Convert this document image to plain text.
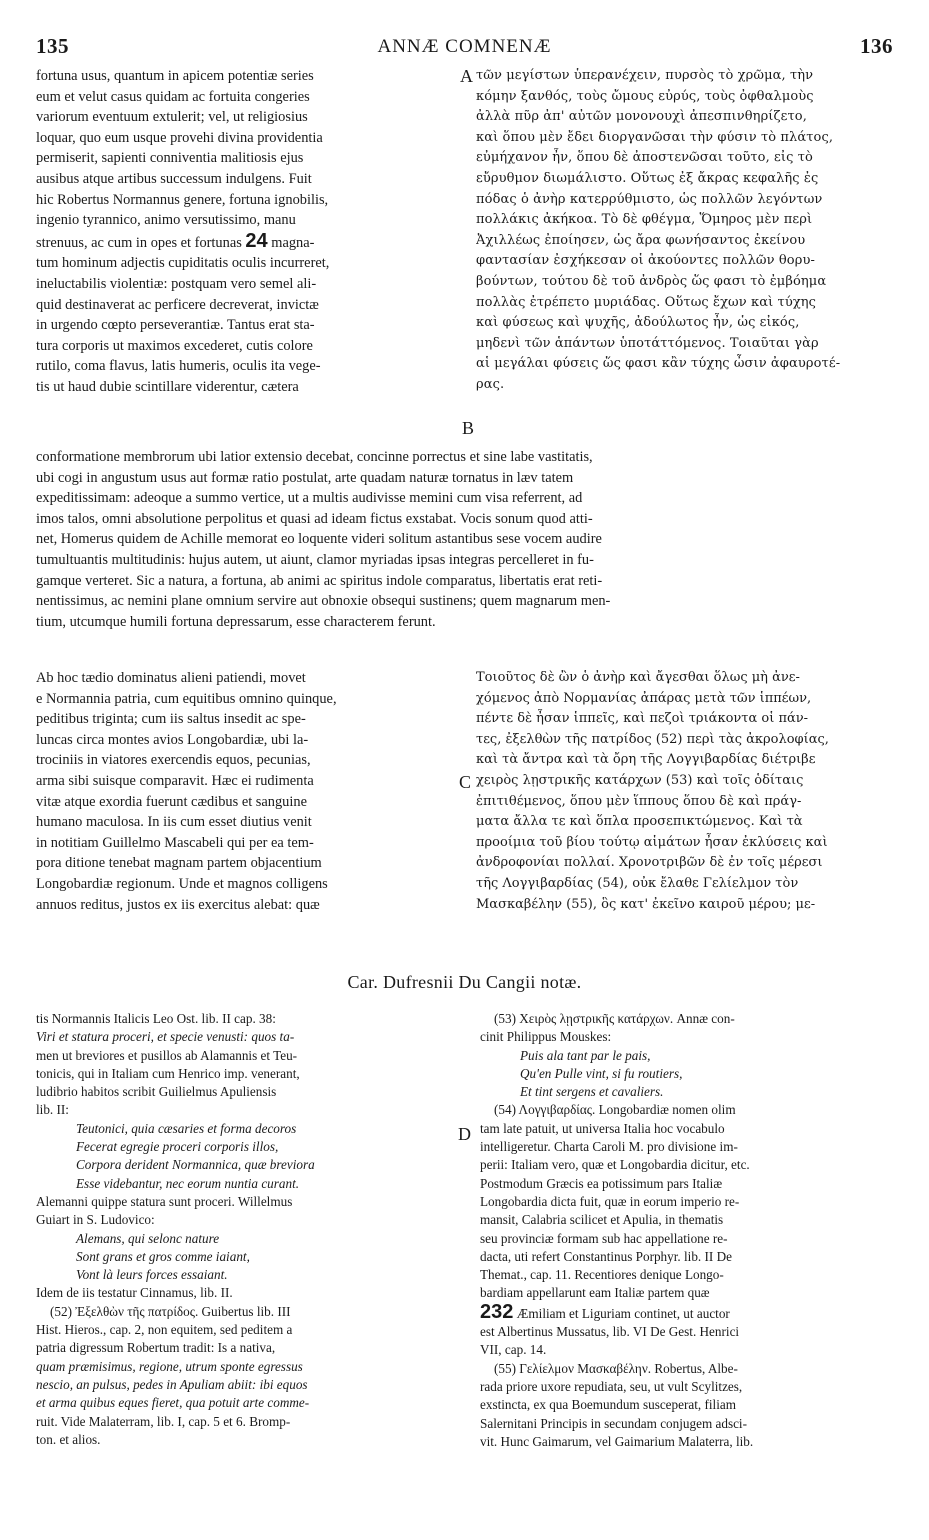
135	ANNÆ COMNENÆ	136
fortuna usus, quantum in apicem potentiæ series
eum et velut casus quidam ac fortuita congeries
variorum eventuum extulerit; vel, ut religiosius
loquar, quo eum usque provehi divina providentia
permiserit, sapienti conniventia malitiosis ejus
ausibus atque artibus successum indulgens. Fuit
hic Robertus Normannus genere, fortuna ignobilis,
ingenio tyrannico, animo versutissimo, manu
strenuus, ac cum in opes et fortunas 24 magna-
tum hominum adjectis cupiditatis oculis incurreret,
ineluctabilis violentiæ: postquam vero semel ali-
quid destinaverat ac perficere decreverat, invictæ
in urgendo cœpto perseverantiæ. Tantus erat sta-
tura corporis ut maximos excederet, cutis colore
rutilo, coma flavus, latis humeris, oculis ita vege-
tis ut haud dubie scintillare viderentur, cætera
A
B
τῶν μεγίστων ὑπερανέχειν, πυρσὸς τὸ χρῶμα, τὴν
κόμην ξανθός, τοὺς ὤμους εὐρύς, τοὺς ὀφθαλμοὺς
ἀλλὰ πῦρ ἀπ' αὐτῶν μονονουχὶ ἀπεσπινθηρίζετο,
καὶ ὅπου μὲν ἔδει διοργανῶσαι τὴν φύσιν τὸ πλάτος,
εὐμήχανον ἦν, ὅπου δὲ ἀποστενῶσαι τοῦτο, εἰς τὸ
εὔρυθμον διωμάλιστο. Οὕτως ἐξ ἄκρας κεφαλῆς ἐς
πόδας ὁ ἀνὴρ κατερρύθμιστο, ὡς πολλῶν λεγόντων
πολλάκις ἀκήκοα. Τὸ δὲ φθέγμα, Ὅμηρος μὲν περὶ
Ἀχιλλέως ἐποίησεν, ὡς ἄρα φωνήσαντος ἐκείνου
φαντασίαν ἐσχήκεσαν οἱ ἀκούοντες πολλῶν θορυ-
βούντων, τούτου δὲ τοῦ ἀνδρὸς ὥς φασι τὸ ἐμβόημα
πολλὰς ἐτρέπετο μυριάδας. Οὕτως ἔχων καὶ τύχης
καὶ φύσεως καὶ ψυχῆς, ἀδούλωτος ἦν, ὡς εἰκός,
μηδενὶ τῶν ἁπάντων ὑποτάττόμενος. Τοιαῦται γὰρ
αἱ μεγάλαι φύσεις ὥς φασι κἂν τύχης ὦσιν ἀφαυροτέ-
ρας.
conformatione membrorum ubi latior extensio decebat, concinne porrectus et sine labe vastitatis,
ubi cogi in angustum usus aut formæ ratio postulat, arte quadam naturæ tornatus in læv tatem
expeditissimam: adeoque a summo vertice, ut a multis audivisse memini cum visa referrent, ad
imos talos, omni absolutione perpolitus et quasi ad ideam fictus exstabat. Vocis sonum quod atti-
net, Homerus quidem de Achille memorat eo loquente videri solitum astantibus sese vocem audire
tumultuantis multitudinis: hujus autem, ut aiunt, clamor myriadas ipsas integras percelleret in fu-
gamque verteret. Sic a natura, a fortuna, ab animi ac spiritus indole comparatus, libertatis erat reti-
nentissimus, ac nemini plane omnium servire aut obnoxie obsequi sustinens; quem magnarum men-
tium, utcumque humili fortuna depressarum, esse characterem ferunt.
Ab hoc tædio dominatus alieni patiendi, movet
e Normannia patria, cum equitibus omnino quinque,
peditibus triginta; cum iis saltus insedit ac spe-
luncas circa montes avios Longobardiæ, ubi la-
trociniis in viatores exercendis equos, pecunias,
arma sibi suisque comparavit. Hæc ei rudimenta
vitæ atque exordia fuerunt cædibus et sanguine
humano maculosa. In iis cum esset diutius venit
in notitiam Guillelmo Mascabeli qui per ea tem-
pora ditione tenebat magnam partem objacentium
Longobardiæ regionum. Unde et magnos colligens
annuos reditus, justos ex iis exercitus alebat: quæ
C
Τοιοῦτος δὲ ὢν ὁ ἀνὴρ καὶ ἄγεσθαι ὅλως μὴ ἀνε-
χόμενος ἀπὸ Νορμανίας ἀπάρας μετὰ τῶν ἱππέων,
πέντε δὲ ἦσαν ἱππεῖς, καὶ πεζοὶ τριάκοντα οἱ πάν-
τες, ἐξελθὼν τῆς πατρίδος (52) περὶ τὰς ἀκρολοφίας,
καὶ τὰ ἄντρα καὶ τὰ ὄρη τῆς Λογγιβαρδίας διέτριβε
χειρὸς λῃστρικῆς κατάρχων (53) καὶ τοῖς ὁδίταις
ἐπιτιθέμενος, ὅπου μὲν ἵππους ὅπου δὲ καὶ πράγ-
ματα ἄλλα τε καὶ ὅπλα προσεπικτώμενος. Καὶ τὰ
προοίμια τοῦ βίου τούτῳ αἱμάτων ἦσαν ἐκλύσεις καὶ
ἀνδροφονίαι πολλαί. Χρονοτριβῶν δὲ ἐν τοῖς μέρεσι
τῆς Λογγιβαρδίας (54), οὐκ ἔλαθε Γελίελμον τὸν
Μασκαβέλην (55), ὃς κατ' ἐκεῖνο καιροῦ μέρου; με-
Car. Dufresnii Du Cangii notæ.
tis Normannis Italicis Leo Ost. lib. II cap. 38:
Viri et statura proceri, et specie venusti: quos ta-
men ut breviores et pusillos ab Alamannis et Teu-
tonicis, qui in Italiam cum Henrico imp. venerant,
ludibrio habitos scribit Guilielmus Apuliensis
lib. II:
Teutonici, quia cæsaries et forma decoros
Fecerat egregie proceri corporis illos,
Corpora derident Normannica, quæ breviora
Esse videbantur, nec eorum nuntia curant.
Alemanni quippe statura sunt proceri. Willelmus
Guiart in S. Ludovico:
Alemans, qui selonc nature
Sont grans et gros comme iaiant,
Vont là leurs forces essaiant.
Idem de iis testatur Cinnamus, lib. II.
(52) Ἐξελθὼν τῆς πατρίδος. Guibertus lib. III
Hist. Hieros., cap. 2, non equitem, sed peditem a
patria digressum Robertum tradit: Is a nativa,
quam præmisimus, regione, utrum sponte egressus
nescio, an pulsus, pedes in Apuliam abiit: ibi equos
et arma quibus eques fieret, qua potuit arte comme-
ruit. Vide Malaterram, lib. I, cap. 5 et 6. Bromp-
ton. et alios.
D
(53) Χειρὸς λῃστρικῆς κατάρχων. Annæ con-
cinit Philippus Mouskes:
Puis ala tant par le pais,
Qu'en Pulle vint, si fu routiers,
Et tint sergens et cavaliers.
(54) Λογγιβαρδίας. Longobardiæ nomen olim
tam late patuit, ut universa Italia hoc vocabulo
intelligeretur. Charta Caroli M. pro divisione im-
perii: Italiam vero, quæ et Longobardia dicitur, etc.
Postmodum Græcis ea potissimum pars Italiæ
Longobardia dicta fuit, quæ in eorum imperio re-
mansit, Calabria scilicet et Apulia, in thematis
seu provinciæ formam sub hac appellatione re-
dacta, uti refert Constantinus Porphyr. lib. II De
Themat., cap. 11. Recentiores denique Longo-
bardiam appellarunt eam Italiæ partem quæ
232 Æmiliam et Liguriam continet, ut auctor
est Albertinus Mussatus, lib. VI De Gest. Henrici
VII, cap. 14.
(55) Γελίελμον Μασκαβέλην. Robertus, Albe-
rada priore uxore repudiata, seu, ut vult Scylitzes,
exstincta, ex qua Boemundum susceperat, filiam
Salernitani Principis in secundam conjugem adsci-
vit. Hunc Gaimarum, vel Gaimarium Malaterra, lib.
